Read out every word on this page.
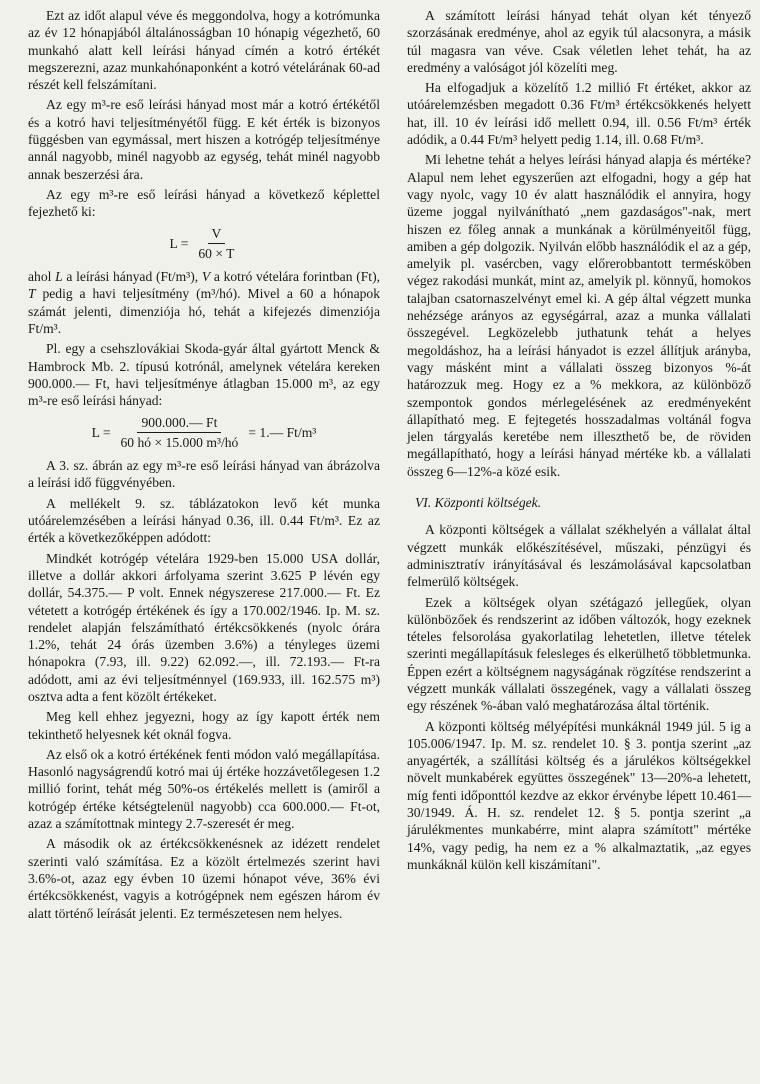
Ezt az időt alapul véve és meggondolva, hogy a kotrómunka az év 12 hónapjából általánosságban 10 hónapig végezhető, 60 munkahó alatt kell leírási hányad címén a kotró értékét megszerezni, azaz munkahónaponként a kotró vételárának 60-ad részét kell felszámítani.

Az egy m³-re eső leírási hányad most már a kotró értékétől és a kotró havi teljesítményétől függ. E két érték is bizonyos függésben van egymással, mert hiszen a kotrógép teljesítménye annál nagyobb, minél nagyobb az egység, tehát minél nagyobb annak beszerzési ára.

Az egy m³-re eső leírási hányad a következő képlettel fejezhető ki:

$L = \frac{V}{60 \times T}$

ahol L a leírási hányad (Ft/m³), V a kotró vételára forintban (Ft), T pedig a havi teljesítmény (m³/hó). Mivel a 60 a hónapok számát jelenti, dimenziója hó, tehát a kifejezés dimenziója Ft/m³.

Pl. egy a csehszlovákiai Skoda-gyár által gyártott Menck & Hambrock Mb. 2. típusú kotrónál, amelynek vételára kereken 900.000.— Ft, havi teljesítménye átlagban 15.000 m³, az egy m³-re eső leírási hányad:

$L = \frac{900.000.— Ft}{\text{60 hó × 15.000 m³/hó}}$ = 1.— Ft/m³

A 3. sz. ábrán az egy m³-re eső leírási hányad van ábrázolva a leírási idő függvényében.

A mellékelt 9. sz. táblázatokon levő két munka utóárelemzésében a leírási hányad 0.36, ill. 0.44 Ft/m³. Ez az érték a következőképpen adódott:

Mindkét kotrógép vételára 1929-ben 15.000 USA dollár, illetve a dollár akkori árfolyama szerint 3.625 P lévén egy dollár, 54.375.— P volt. Ennek négyszerese 217.000.— Ft. Ez vétetett a kotrógép értékének és így a 170.002/1946. Ip. M. sz. rendelet alapján felszámítható értékcsökkenés (nyolc órára 1.2%, tehát 24 órás üzemben 3.6%) a tényleges üzemi hónapokra (7.93, ill. 9.22) 62.092.—, ill. 72.193.— Ft-ra adódott, ami az évi teljesítménnyel (169.933, ill. 162.575 m³) osztva adta a fent közölt értékeket.

Meg kell ehhez jegyezni, hogy az így kapott érték nem tekinthető helyesnek két oknál fogva.

Az első ok a kotró értékének fenti módon való megállapítása. Hasonló nagyságrendű kotró mai új értéke hozzávetőlegesen 1.2 millió forint, tehát még 50%-os értékelés mellett is (amiről a kotrógép értéke kétségtelenül nagyobb) cca 600.000.— Ft-ot, azaz a számítottnak mintegy 2.7-szeresét ér meg.

A második ok az értékcsökkenésnek az idézett rendelet szerinti való számítása. Ez a közölt értelmezés szerint havi 3.6%-ot, azaz egy évben 10 üzemi hónapot véve, 36% évi értékcsökkenést, vagyis a kotrógépnek nem egészen három év alatt történő leírását jelenti. Ez természetesen nem helyes.

A számított leírási hányad tehát olyan két tényező szorzásának eredménye, ahol az egyik túl alacsonyra, a másik túl magasra van véve. Csak véletlen lehet tehát, ha az eredmény a valóságot jól közelíti meg.

Ha elfogadjuk a közelítő 1.2 millió Ft értéket, akkor az utóárelemzésben megadott 0.36 Ft/m³ értékcsökkenés helyett hat, ill. 10 év leírási idő mellett 0.94, ill. 0.56 Ft/m³ érték adódik, a 0.44 Ft/m³ helyett pedig 1.14, ill. 0.68 Ft/m³.

Mi lehetne tehát a helyes leírási hányad alapja és mértéke? Alapul nem lehet egyszerűen azt elfogadni, hogy a gép hat vagy nyolc, vagy 10 év alatt használódik el annyira, hogy üzeme joggal nyilvánítható „nem gazdaságos"-nak, mert hiszen ez főleg annak a munkának a körülményeitől függ, amiben a gép dolgozik. Nyilván előbb használódik el az a gép, amelyik pl. vasércben, vagy előrerobbantott termésköben végez rakodási munkát, mint az, amelyik pl. könnyű, homokos talajban csatornaszelvényt emel ki. A gép által végzett munka nehézsége arányos az egységárral, azaz a munka vállalati összegével. Legközelebb juthatunk tehát a helyes megoldáshoz, ha a leírási hányadot is ezzel állítjuk arányba, vagy másként mint a vállalati összeg bizonyos %-át határozzuk meg. Hogy ez a % mekkora, az különböző szempontok gondos mérlegelésének az eredményeként állapítható meg. E fejtegetés hosszadalmas voltánál fogva jelen tárgyalás keretébe nem illeszthető be, de röviden megállapítható, hogy a leírási hányad mértéke kb. a vállalati összeg 6—12%-a közé esik.

VI. Központi költségek.

A központi költségek a vállalat székhelyén a vállalat által végzett munkák előkészítésével, műszaki, pénzügyi és adminisztratív irányításával és leszámolásával kapcsolatban felmerülő költségek.

Ezek a költségek olyan szétágazó jellegűek, olyan különbözőek és rendszerint az időben változók, hogy ezeknek tételes felsorolása gyakorlatilag lehetetlen, illetve tételek szerinti megállapításuk felesleges és elkerülhető többletmunka. Éppen ezért a költségnem nagyságának rögzítése rendszerint a végzett munkák vállalati összegének, vagy a vállalati összeg egy részének %-ában való meghatározása által történik.

A központi költség mélyépítési munkáknál 1949 júl. 5 ig a 105.006/1947. Ip. M. sz. rendelet 10. § 3. pontja szerint „az anyagérték, a szállítási költség és a járulékos költségekkel növelt munkabérek együttes összegének" 13—20%-a lehetett, míg fenti időponttól kezdve az ekkor érvénybe lépett 10.461—30/1949. Á. H. sz. rendelet 12. § 5. pontja szerint „a járulékmentes munkabérre, mint alapra számított" mértéke 14%, vagy pedig, ha nem ez a % alkalmaztatik, „az egyes munkáknál külön kell kiszámítani".
